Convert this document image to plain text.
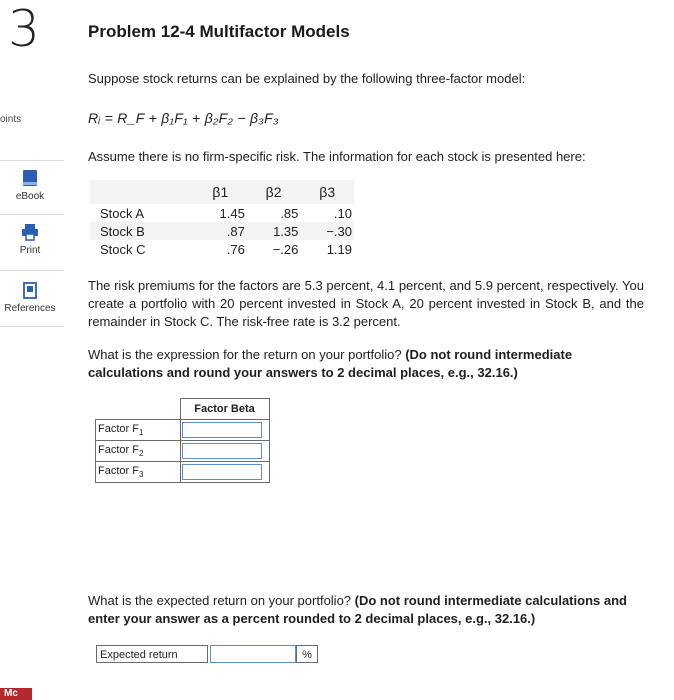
3
oints
eBook
Print
References
Mc
Problem 12-4 Multifactor Models
Suppose stock returns can be explained by the following three-factor model:
Rᵢ = R_F + β₁F₁ + β₂F₂ − β₃F₃
Assume there is no firm-specific risk. The information for each stock is presented here:
	β1	β2	β3
Stock A	1.45	.85	.10
Stock B	.87	1.35	−.30
Stock C	.76	−.26	1.19
The risk premiums for the factors are 5.3 percent, 4.1 percent, and 5.9 percent, respectively. You create a portfolio with 20 percent invested in Stock A, 20 percent invested in Stock B, and the remainder in Stock C. The risk-free rate is 3.2 percent.
What is the expression for the return on your portfolio? (Do not round intermediate calculations and round your answers to 2 decimal places, e.g., 32.16.)
	Factor Beta
Factor $F_1$	

Factor $F_2$	

Factor $F_3$	
What is the expected return on your portfolio? (Do not round intermediate calculations and enter your answer as a percent rounded to 2 decimal places, e.g., 32.16.)
Expected return	%
